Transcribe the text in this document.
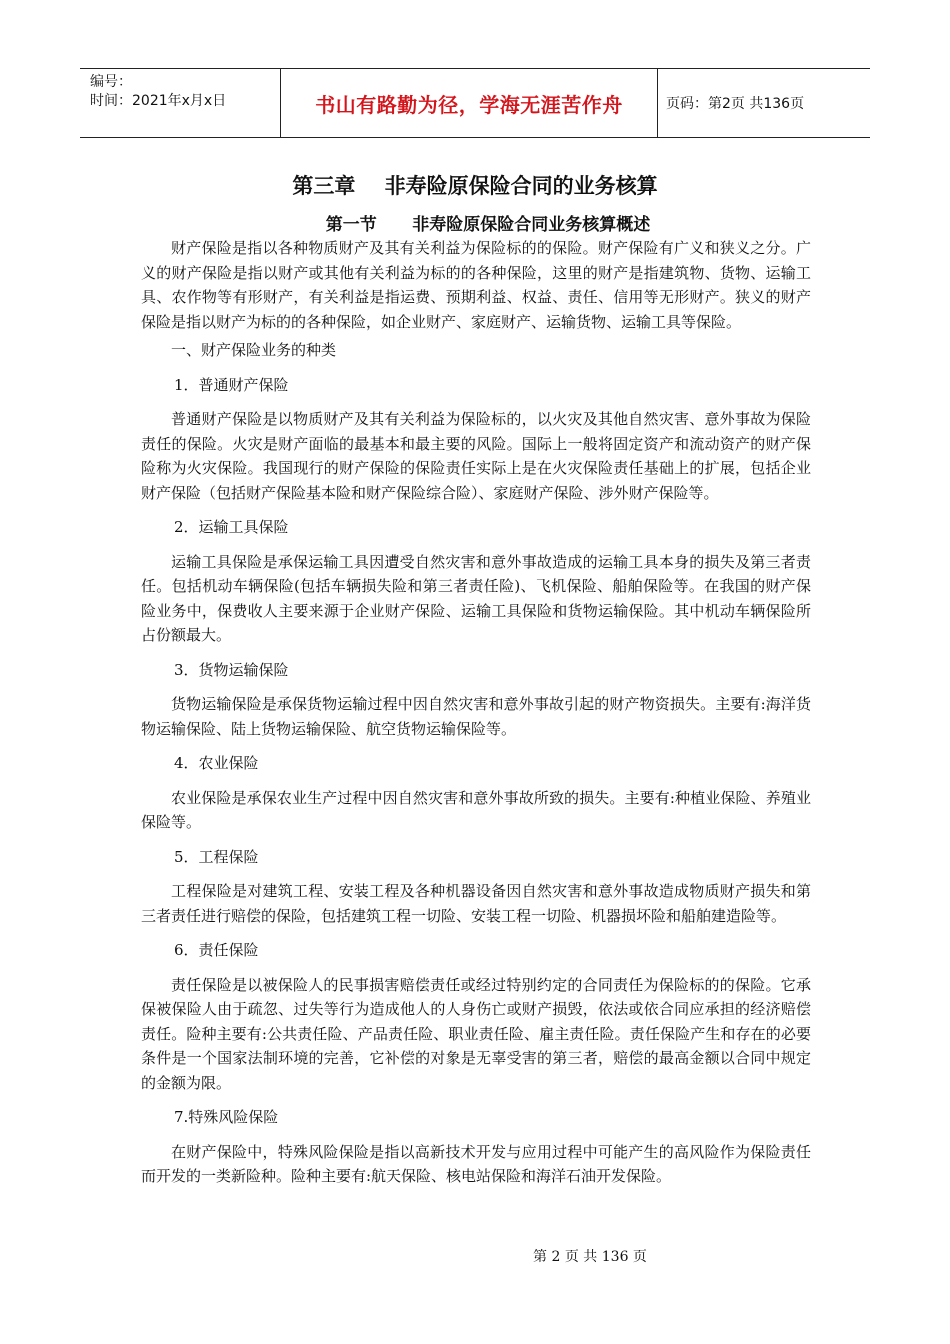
编号：
时间：2021年x月x日	书山有路勤为径，学海无涯苦作舟	页码：第2页 共136页
第三章    非寿险原保险合同的业务核算
第一节      非寿险原保险合同业务核算概述

财产保险是指以各种物质财产及其有关利益为保险标的的保险。财产保险有广义和狭义之分。广义的财产保险是指以财产或其他有关利益为标的的各种保险，这里的财产是指建筑物、货物、运输工具、农作物等有形财产，有关利益是指运费、预期利益、权益、责任、信用等无形财产。狭义的财产保险是指以财产为标的的各种保险，如企业财产、家庭财产、运输货物、运输工具等保险。

一、财产保险业务的种类

1．普通财产保险

普通财产保险是以物质财产及其有关利益为保险标的，以火灾及其他自然灾害、意外事故为保险责任的保险。火灾是财产面临的最基本和最主要的风险。国际上一般将固定资产和流动资产的财产保险称为火灾保险。我国现行的财产保险的保险责任实际上是在火灾保险责任基础上的扩展，包括企业财产保险（包括财产保险基本险和财产保险综合险）、家庭财产保险、涉外财产保险等。

2．运输工具保险

运输工具保险是承保运输工具因遭受自然灾害和意外事故造成的运输工具本身的损失及第三者责任。包括机动车辆保险(包括车辆损失险和第三者责任险)、飞机保险、船舶保险等。在我国的财产保险业务中，保费收人主要来源于企业财产保险、运输工具保险和货物运输保险。其中机动车辆保险所占份额最大。

3．货物运输保险

货物运输保险是承保货物运输过程中因自然灾害和意外事故引起的财产物资损失。主要有:海洋货物运输保险、陆上货物运输保险、航空货物运输保险等。

4．农业保险

农业保险是承保农业生产过程中因自然灾害和意外事故所致的损失。主要有:种植业保险、养殖业保险等。

5．工程保险

工程保险是对建筑工程、安装工程及各种机器设备因自然灾害和意外事故造成物质财产损失和第三者责任进行赔偿的保险，包括建筑工程一切险、安装工程一切险、机器损坏险和船舶建造险等。

6．责任保险

责任保险是以被保险人的民事损害赔偿责任或经过特别约定的合同责任为保险标的的保险。它承保被保险人由于疏忽、过失等行为造成他人的人身伤亡或财产损毁，依法或依合同应承担的经济赔偿责任。险种主要有:公共责任险、产品责任险、职业责任险、雇主责任险。责任保险产生和存在的必要条件是一个国家法制环境的完善，它补偿的对象是无辜受害的第三者，赔偿的最高金额以合同中规定的金额为限。

7.特殊风险保险

在财产保险中，特殊风险保险是指以高新技术开发与应用过程中可能产生的高风险作为保险责任而开发的一类新险种。险种主要有:航天保险、核电站保险和海洋石油开发保险。

第 2 页 共 136 页
